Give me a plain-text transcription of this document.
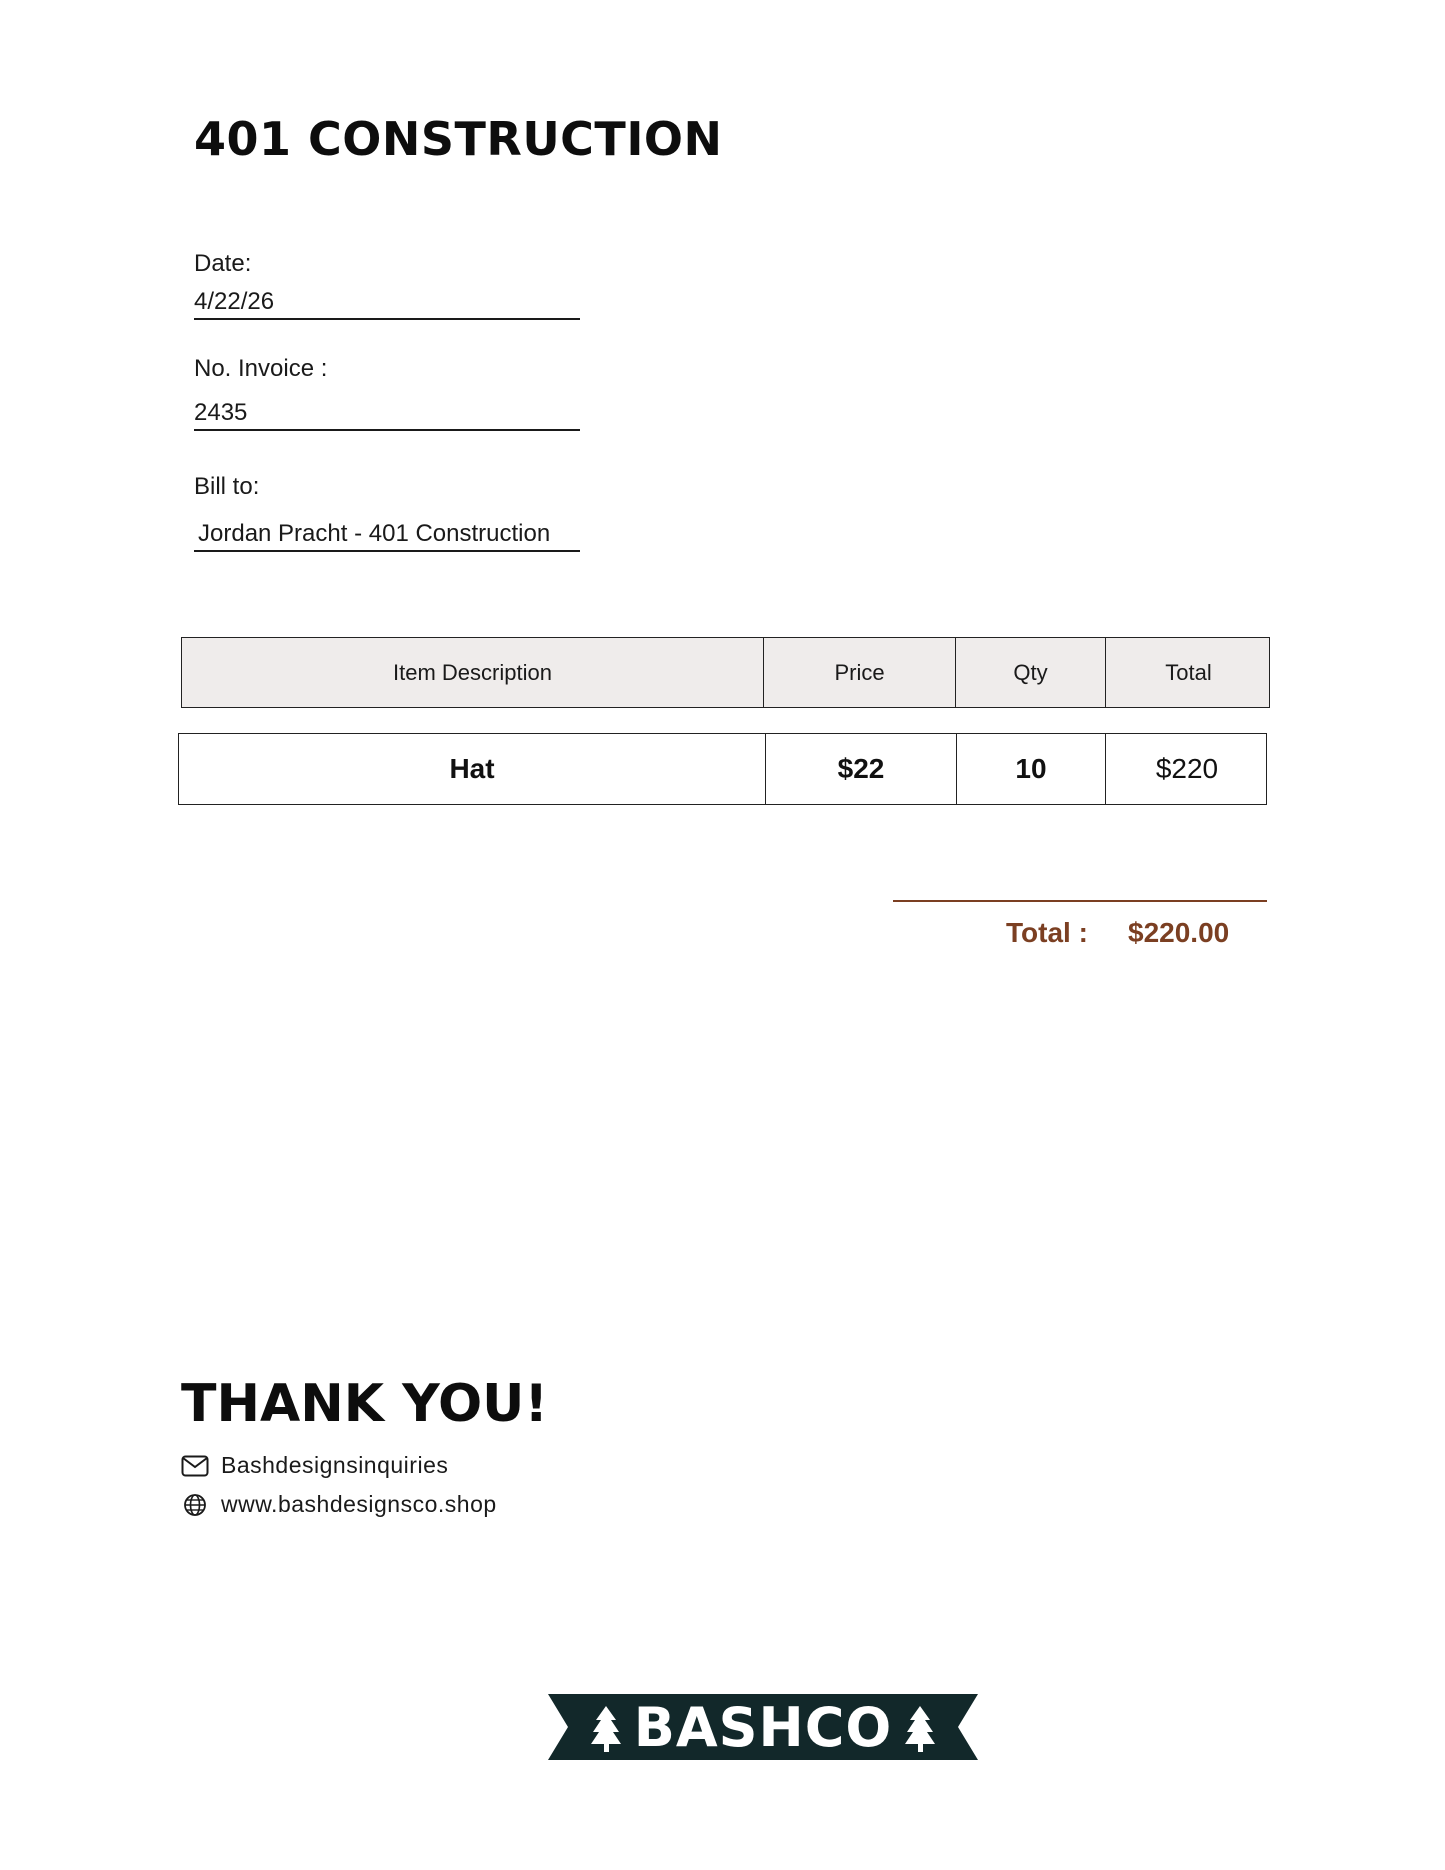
401 CONSTRUCTION
Date:
4/22/26
No. Invoice :
2435
Bill to:
Jordan Pracht - 401 Construction
Item Description	Price	Qty	Total
Hat	$22	10	$220
Total : $220.00
THANK YOU!
Bashdesignsinquiries
www.bashdesignsco.shop
BASHCO
